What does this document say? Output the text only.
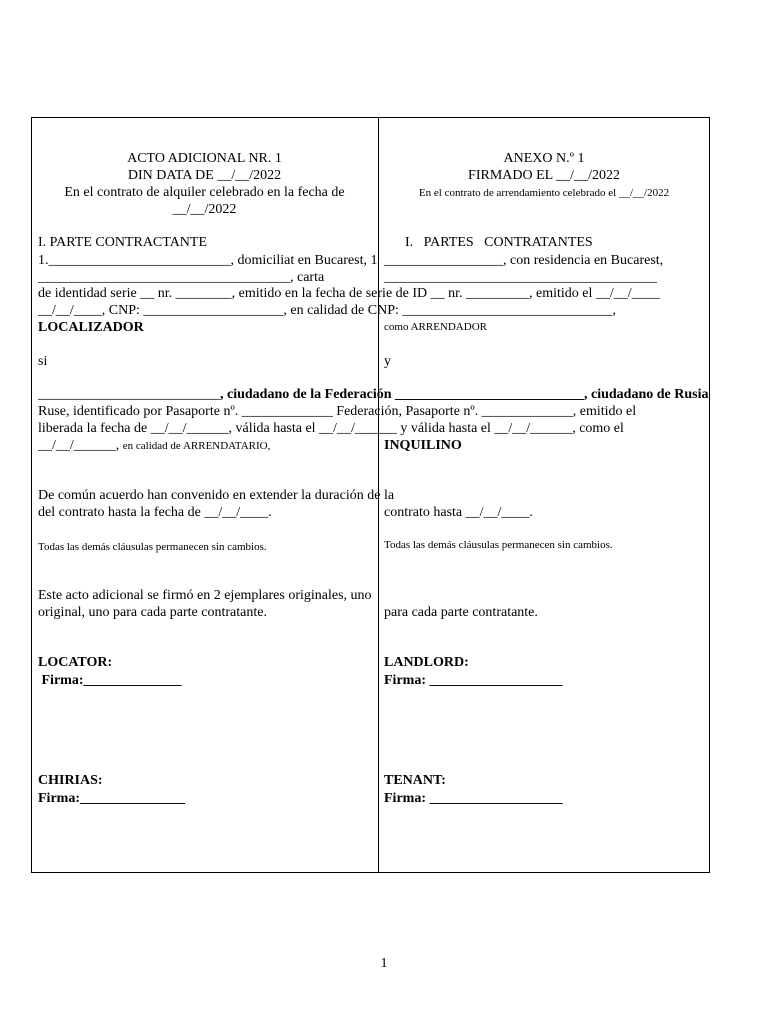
ACTO ADICIONAL NR. 1
DIN DATA DE __/__/2022
En el contrato de alquiler celebrado en la fecha de
__/__/2022
ANEXO N.º 1
FIRMADO EL __/__/2022
En el contrato de arrendamiento celebrado el __/__/2022
I. PARTE CONTRACTANTE	I.   PARTES   CONTRATANTES
1.__________________________, domiciliat en Bucarest, 1 _________________, con residencia en Bucarest,
____________________________________, carta	_______________________________________
de identidad serie __ nr. ________, emitido en la fecha de serie de ID __ nr. _________, emitido el __/__/____
__/__/____, CNP: ____________________, en calidad de CNP: ______________________________,
LOCALIZADOR	como ARRENDADOR
si	y
__________________________, ciudadano de la Federación ___________________________, ciudadano de Rusia
Ruse, identificado por Pasaporte nº. _____________ Federación, Pasaporte nº. _____________, emitido el
liberada la fecha de __/__/______, válida hasta el __/__/______ y válida hasta el __/__/______, como el
__/__/______, en calidad de ARRENDATARIO,	INQUILINO
De común acuerdo han convenido en extender la duración de la
del contrato hasta la fecha de __/__/____.	contrato hasta __/__/____.
Todas las demás cláusulas permanecen sin cambios.	Todas las demás cláusulas permanecen sin cambios.
Este acto adicional se firmó en 2 ejemplares originales, uno
original, uno para cada parte contratante.	para cada parte contratante.
LOCATOR:
Firma:______________
LANDLORD:
Firma: ___________________
CHIRIAS:
Firma:_______________
TENANT:
Firma: ___________________
1
